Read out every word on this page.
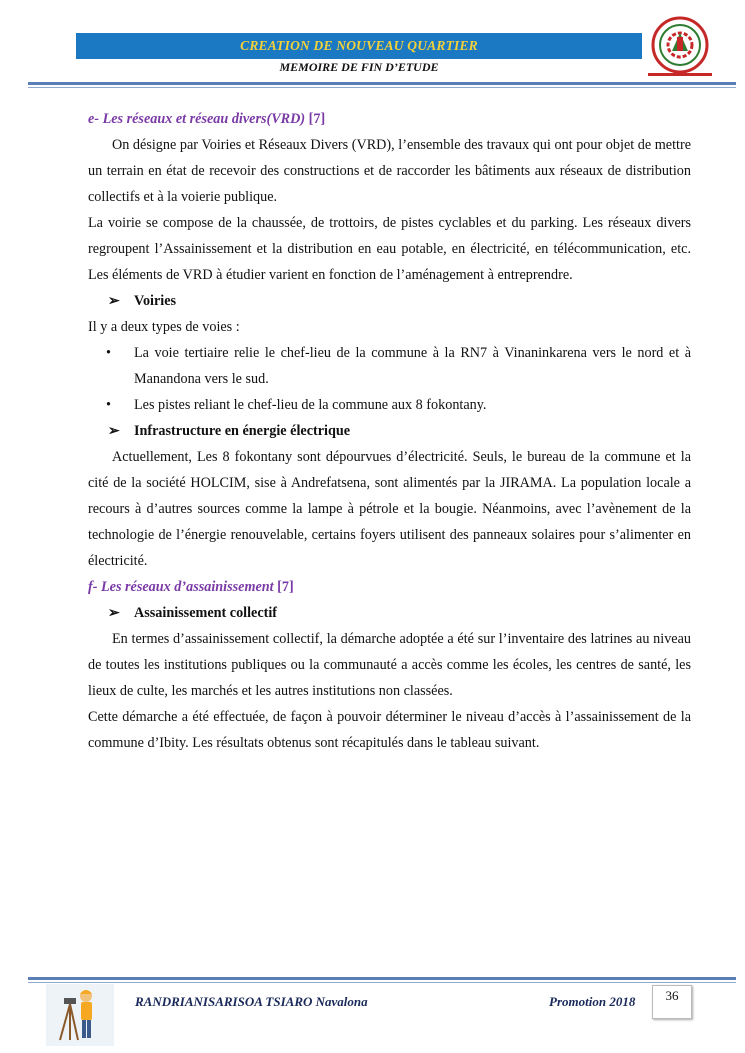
CREATION DE NOUVEAU QUARTIER
MEMOIRE DE FIN D’ETUDE

e- Les réseaux et réseau divers(VRD) [7]

On désigne par Voiries et Réseaux Divers (VRD), l’ensemble des travaux qui ont pour objet de mettre un terrain en état de recevoir des constructions et de raccorder les bâtiments aux réseaux de distribution collectifs et à la voierie publique.

La voirie se compose de la chaussée, de trottoirs, de pistes cyclables et du parking. Les réseaux divers regroupent l’Assainissement et la distribution en eau potable, en électricité, en télécommunication, etc. Les éléments de VRD à étudier varient en fonction de l’aménagement à entreprendre.

➢ Voiries

Il y a deux types de voies :

• La voie tertiaire relie le chef-lieu de la commune à la RN7 à Vinaninkarena vers le nord et à Manandona vers le sud.

• Les pistes reliant le chef-lieu de la commune aux 8 fokontany.

➢ Infrastructure en énergie électrique

Actuellement, Les 8 fokontany sont dépourvues d’électricité. Seuls, le bureau de la commune et la cité de la société HOLCIM, sise à Andrefatsena, sont alimentés par la JIRAMA. La population locale a recours à d’autres sources comme la lampe à pétrole et la bougie. Néanmoins, avec l’avènement de la technologie de l’énergie renouvelable, certains foyers utilisent des panneaux solaires pour s’alimenter en électricité.

f- Les réseaux d’assainissement [7]

➢ Assainissement collectif

En termes d’assainissement collectif, la démarche adoptée a été sur l’inventaire des latrines au niveau de toutes les institutions publiques ou la communauté a accès comme les écoles, les centres de santé, les lieux de culte, les marchés et les autres institutions non classées.

Cette démarche a été effectuée, de façon à pouvoir déterminer le niveau d’accès à l’assainissement de la commune d’Ibity. Les résultats obtenus sont récapitulés dans le tableau suivant.

RANDRIANISARISOA TSIARO Navalona	Promotion 2018	36
